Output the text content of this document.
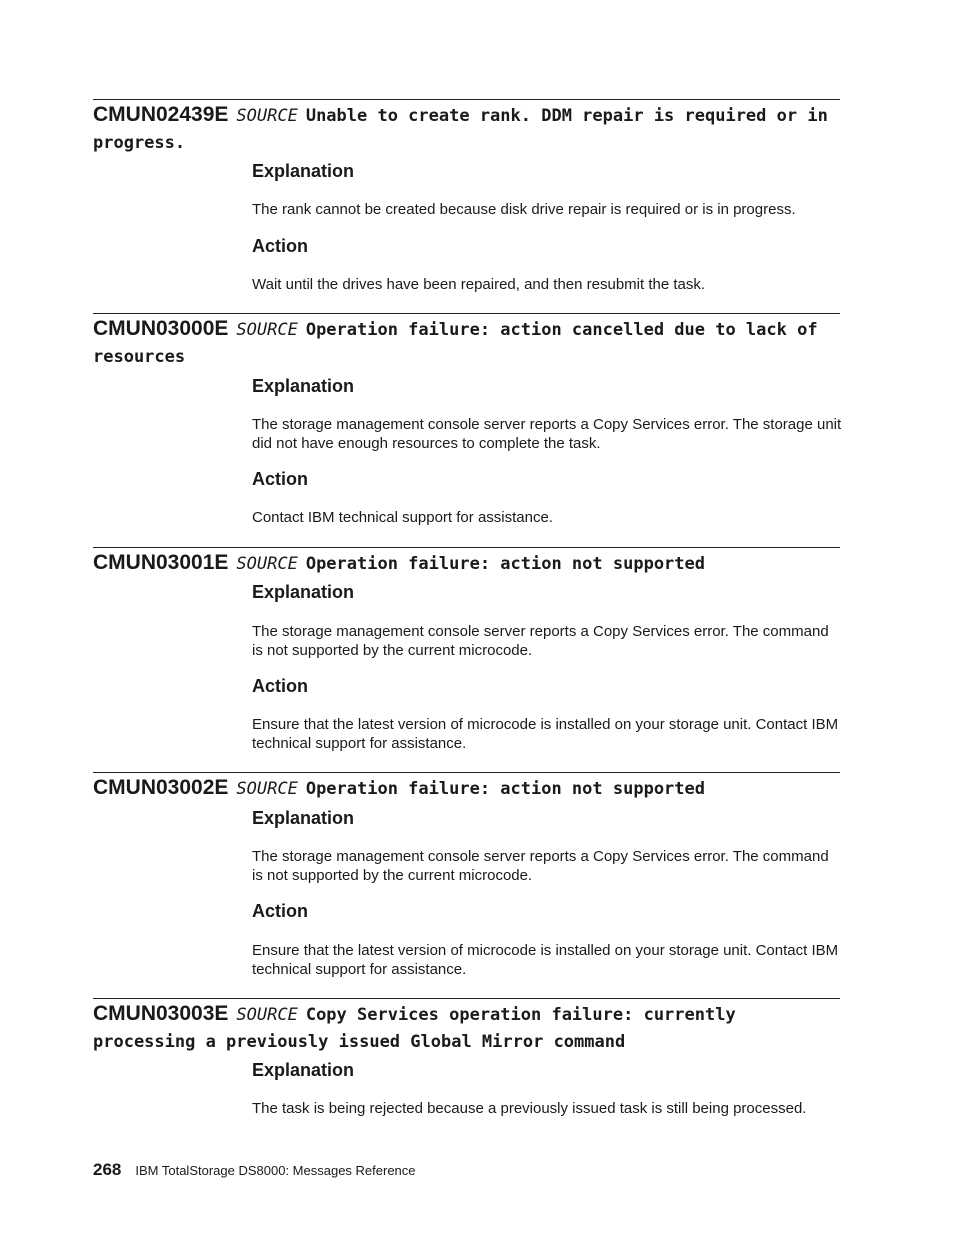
CMUN02439E SOURCE Unable to create rank. DDM repair is required or in progress.

Explanation

The rank cannot be created because disk drive repair is required or is in progress.

Action

Wait until the drives have been repaired, and then resubmit the task.

CMUN03000E SOURCE Operation failure: action cancelled due to lack of resources

Explanation

The storage management console server reports a Copy Services error. The storage unit did not have enough resources to complete the task.

Action

Contact IBM technical support for assistance.

CMUN03001E SOURCE Operation failure: action not supported

Explanation

The storage management console server reports a Copy Services error. The command is not supported by the current microcode.

Action

Ensure that the latest version of microcode is installed on your storage unit. Contact IBM technical support for assistance.

CMUN03002E SOURCE Operation failure: action not supported

Explanation

The storage management console server reports a Copy Services error. The command is not supported by the current microcode.

Action

Ensure that the latest version of microcode is installed on your storage unit. Contact IBM technical support for assistance.

CMUN03003E SOURCE Copy Services operation failure: currently processing a previously issued Global Mirror command

Explanation

The task is being rejected because a previously issued task is still being processed.

268 IBM TotalStorage DS8000: Messages Reference
